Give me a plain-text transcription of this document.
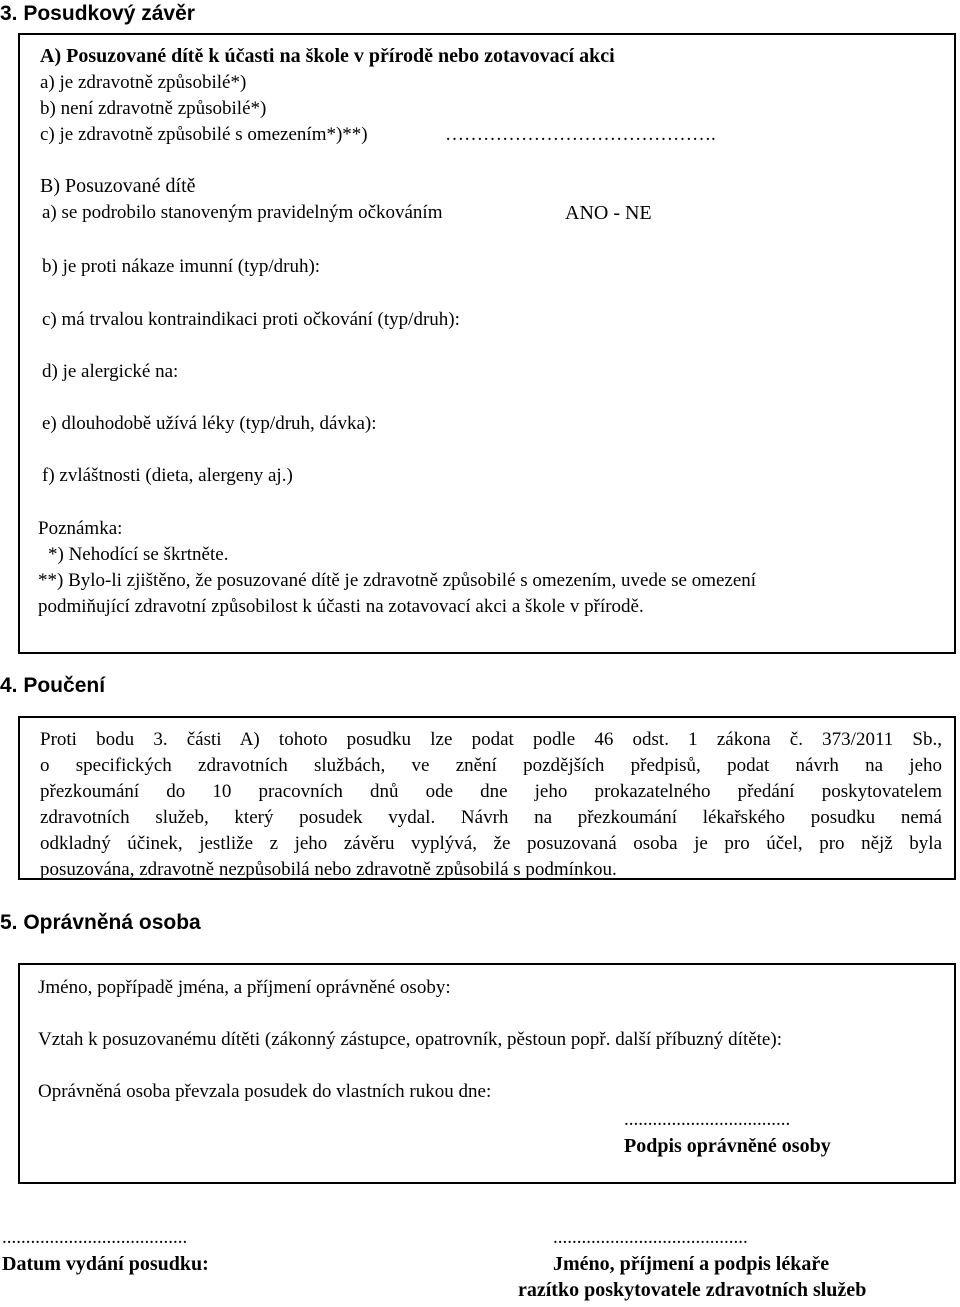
3. Posudkový závěr
A) Posuzované dítě k účasti na škole v přírodě nebo zotavovací akci
a) je zdravotně způsobilé*)
b) není zdravotně způsobilé*)
c) je zdravotně způsobilé s omezením*)**)	…………………………………….
B) Posuzované dítě
a) se podrobilo stanoveným pravidelným očkováním	ANO - NE
b) je proti nákaze imunní (typ/druh):
c) má trvalou kontraindikaci proti očkování (typ/druh):
d) je alergické na:
e) dlouhodobě užívá léky (typ/druh, dávka):
f) zvláštnosti (dieta, alergeny aj.)
Poznámka:
*) Nehodící se škrtněte.
**) Bylo-li zjištěno, že posuzované dítě je zdravotně způsobilé s omezením, uvede se omezení
podmiňující zdravotní způsobilost k účasti na zotavovací akci a škole v přírodě.
4. Poučení
Proti bodu 3. části A) tohoto posudku lze podat podle 46 odst. 1 zákona č. 373/2011 Sb.,
o specifických zdravotních službách, ve znění pozdějších předpisů, podat návrh na jeho
přezkoumání do 10 pracovních dnů ode dne jeho prokazatelného předání poskytovatelem
zdravotních služeb, který posudek vydal. Návrh na přezkoumání lékařského posudku nemá
odkladný účinek, jestliže z jeho závěru vyplývá, že posuzovaná osoba je pro účel, pro nějž byla
posuzována, zdravotně nezpůsobilá nebo zdravotně způsobilá s podmínkou.
5. Oprávněná osoba
Jméno, popřípadě jména, a příjmení oprávněné osoby:
Vztah k posuzovanému dítěti (zákonný zástupce, opatrovník, pěstoun popř. další příbuzný dítěte):
Oprávněná osoba převzala posudek do vlastních rukou dne:
...................................
Podpis oprávněné osoby
.......................................
Datum vydání posudku:
.........................................
Jméno, příjmení a podpis lékaře
razítko poskytovatele zdravotních služeb
